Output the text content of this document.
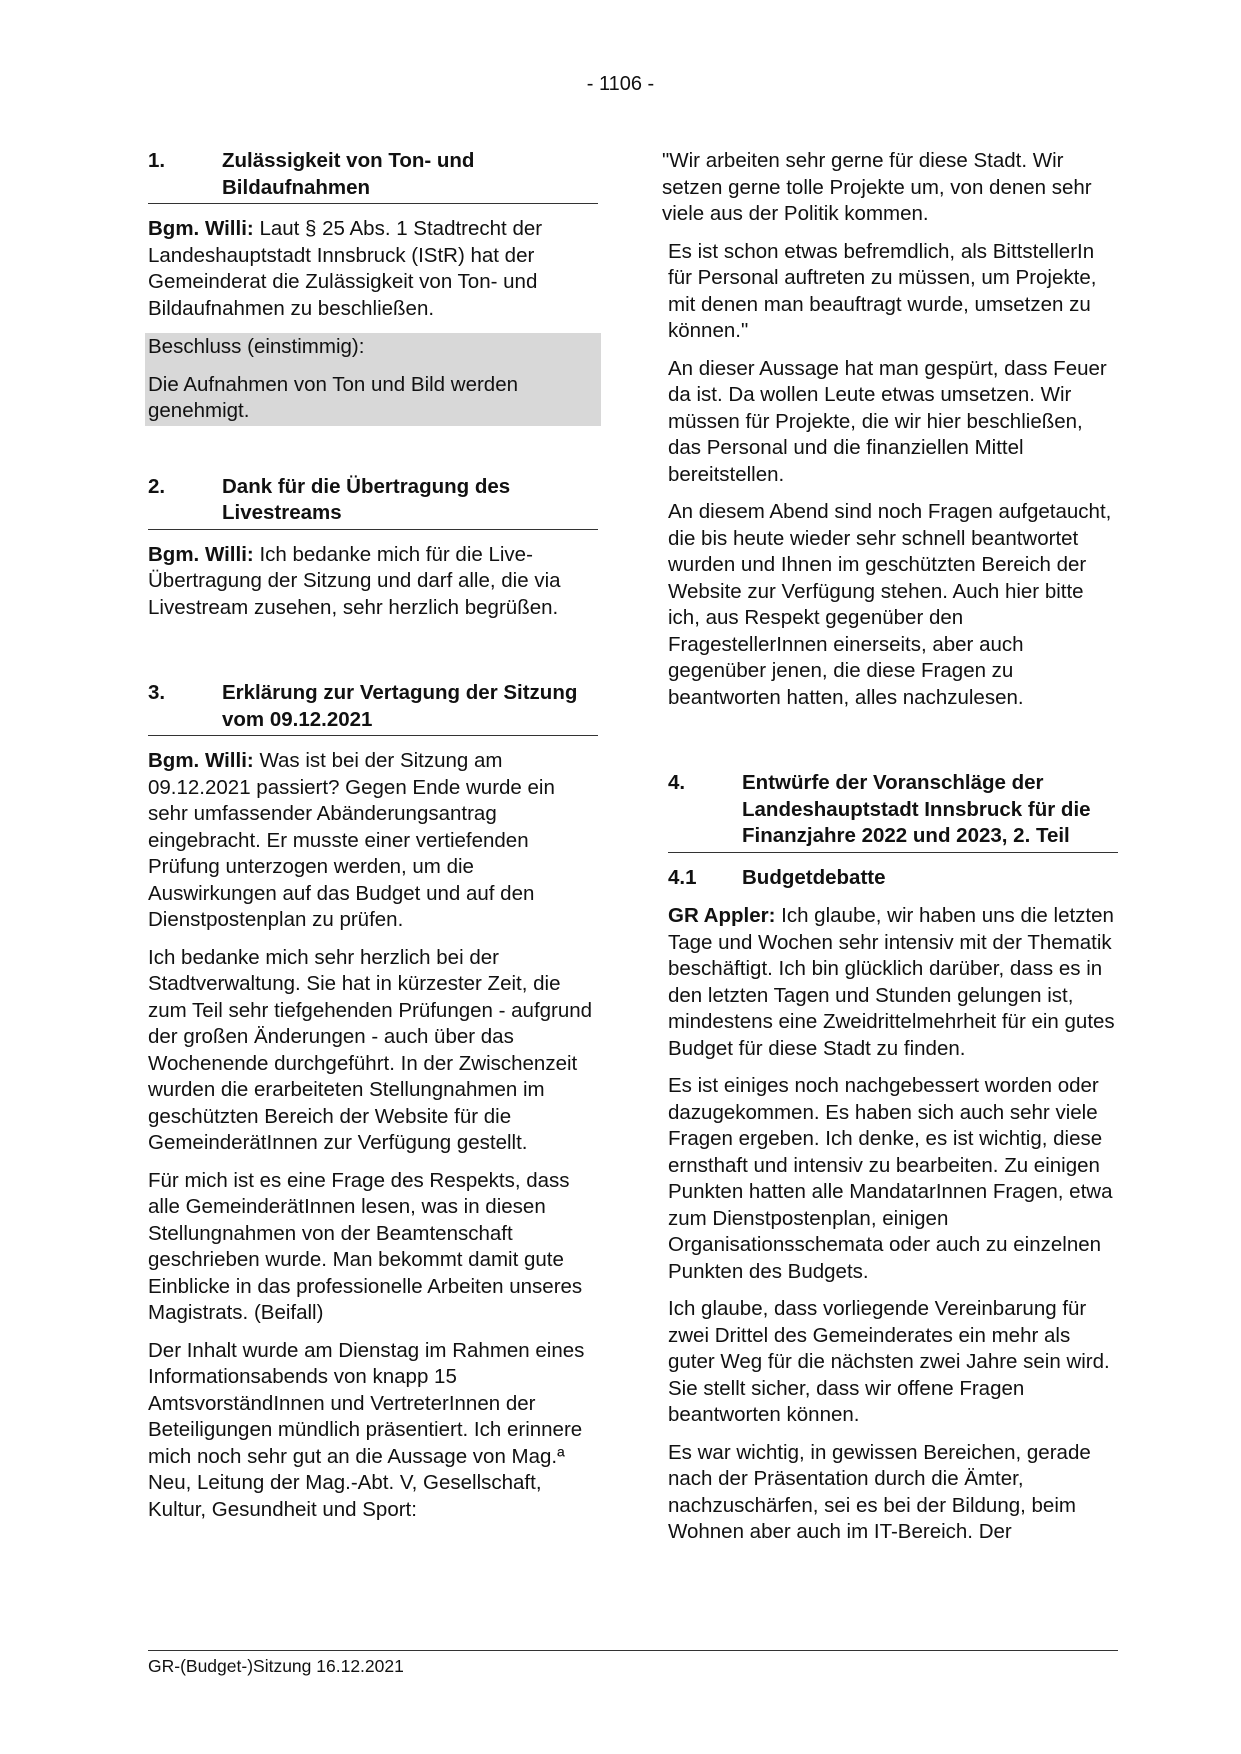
- 1106 -
1.	Zulässigkeit von Ton- und Bildaufnahmen

Bgm. Willi: Laut § 25 Abs. 1 Stadtrecht der Landeshauptstadt Innsbruck (IStR) hat der Gemeinderat die Zulässigkeit von Ton- und Bildaufnahmen zu beschließen.

Beschluss (einstimmig):

Die Aufnahmen von Ton und Bild werden genehmigt.

2.	Dank für die Übertragung des Livestreams

Bgm. Willi: Ich bedanke mich für die Live-Übertragung der Sitzung und darf alle, die via Livestream zusehen, sehr herzlich begrüßen.

3.	Erklärung zur Vertagung der Sitzung vom 09.12.2021

Bgm. Willi: Was ist bei der Sitzung am 09.12.2021 passiert? Gegen Ende wurde ein sehr umfassender Abänderungsantrag eingebracht. Er musste einer vertiefenden Prüfung unterzogen werden, um die Auswirkungen auf das Budget und auf den Dienstpostenplan zu prüfen.

Ich bedanke mich sehr herzlich bei der Stadtverwaltung. Sie hat in kürzester Zeit, die zum Teil sehr tiefgehenden Prüfungen - aufgrund der großen Änderungen - auch über das Wochenende durchgeführt. In der Zwischenzeit wurden die erarbeiteten Stellungnahmen im geschützten Bereich der Website für die GemeinderätInnen zur Verfügung gestellt.

Für mich ist es eine Frage des Respekts, dass alle GemeinderätInnen lesen, was in diesen Stellungnahmen von der Beamtenschaft geschrieben wurde. Man bekommt damit gute Einblicke in das professionelle Arbeiten unseres Magistrats. (Beifall)

Der Inhalt wurde am Dienstag im Rahmen eines Informationsabends von knapp 15 AmtsvorständInnen und VertreterInnen der Beteiligungen mündlich präsentiert. Ich erinnere mich noch sehr gut an die Aussage von Mag.ª Neu, Leitung der Mag.-Abt. V, Gesellschaft, Kultur, Gesundheit und Sport:

"Wir arbeiten sehr gerne für diese Stadt. Wir setzen gerne tolle Projekte um, von denen sehr viele aus der Politik kommen.

Es ist schon etwas befremdlich, als BittstellerIn für Personal auftreten zu müssen, um Projekte, mit denen man beauftragt wurde, umsetzen zu können."

An dieser Aussage hat man gespürt, dass Feuer da ist. Da wollen Leute etwas umsetzen. Wir müssen für Projekte, die wir hier beschließen, das Personal und die finanziellen Mittel bereitstellen.

An diesem Abend sind noch Fragen aufgetaucht, die bis heute wieder sehr schnell beantwortet wurden und Ihnen im geschützten Bereich der Website zur Verfügung stehen. Auch hier bitte ich, aus Respekt gegenüber den FragestellerInnen einerseits, aber auch gegenüber jenen, die diese Fragen zu beantworten hatten, alles nachzulesen.

4.	Entwürfe der Voranschläge der Landeshauptstadt Innsbruck für die Finanzjahre 2022 und 2023, 2. Teil
4.1	Budgetdebatte

GR Appler: Ich glaube, wir haben uns die letzten Tage und Wochen sehr intensiv mit der Thematik beschäftigt. Ich bin glücklich darüber, dass es in den letzten Tagen und Stunden gelungen ist, mindestens eine Zweidrittelmehrheit für ein gutes Budget für diese Stadt zu finden.

Es ist einiges noch nachgebessert worden oder dazugekommen. Es haben sich auch sehr viele Fragen ergeben. Ich denke, es ist wichtig, diese ernsthaft und intensiv zu bearbeiten. Zu einigen Punkten hatten alle MandatarInnen Fragen, etwa zum Dienstpostenplan, einigen Organisationsschemata oder auch zu einzelnen Punkten des Budgets.

Ich glaube, dass vorliegende Vereinbarung für zwei Drittel des Gemeinderates ein mehr als guter Weg für die nächsten zwei Jahre sein wird. Sie stellt sicher, dass wir offene Fragen beantworten können.

Es war wichtig, in gewissen Bereichen, gerade nach der Präsentation durch die Ämter, nachzuschärfen, sei es bei der Bildung, beim Wohnen aber auch im IT-Bereich. Der

GR-(Budget-)Sitzung 16.12.2021
